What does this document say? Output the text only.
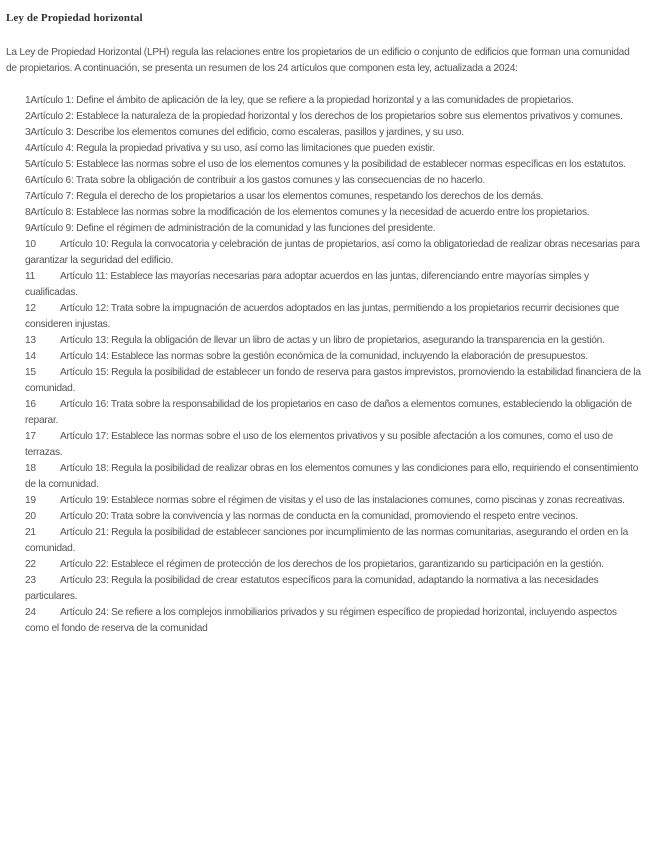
Ley de Propiedad horizontal

La Ley de Propiedad Horizontal (LPH) regula las relaciones entre los propietarios de un edificio o conjunto de edificios que forman una comunidad de propietarios. A continuación, se presenta un resumen de los 24 artículos que componen esta ley, actualizada a 2024:

1Artículo 1: Define el ámbito de aplicación de la ley, que se refiere a la propiedad horizontal y a las comunidades de propietarios.
2Artículo 2: Establece la naturaleza de la propiedad horizontal y los derechos de los propietarios sobre sus elementos privativos y comunes.
3Artículo 3: Describe los elementos comunes del edificio, como escaleras, pasillos y jardines, y su uso.
4Artículo 4: Regula la propiedad privativa y su uso, así como las limitaciones que pueden existir.
5Artículo 5: Establece las normas sobre el uso de los elementos comunes y la posibilidad de establecer normas específicas en los estatutos.
6Artículo 6: Trata sobre la obligación de contribuir a los gastos comunes y las consecuencias de no hacerlo.
7Artículo 7: Regula el derecho de los propietarios a usar los elementos comunes, respetando los derechos de los demás.
8Artículo 8: Establece las normas sobre la modificación de los elementos comunes y la necesidad de acuerdo entre los propietarios.
9Artículo 9: Define el régimen de administración de la comunidad y las funciones del presidente.
10 Artículo 10: Regula la convocatoria y celebración de juntas de propietarios, así como la obligatoriedad de realizar obras necesarias para garantizar la seguridad del edificio.
11 Artículo 11: Establece las mayorías necesarias para adoptar acuerdos en las juntas, diferenciando entre mayorías simples y cualificadas.
12 Artículo 12: Trata sobre la impugnación de acuerdos adoptados en las juntas, permitiendo a los propietarios recurrir decisiones que consideren injustas.
13 Artículo 13: Regula la obligación de llevar un libro de actas y un libro de propietarios, asegurando la transparencia en la gestión.
14 Artículo 14: Establece las normas sobre la gestión económica de la comunidad, incluyendo la elaboración de presupuestos.
15 Artículo 15: Regula la posibilidad de establecer un fondo de reserva para gastos imprevistos, promoviendo la estabilidad financiera de la comunidad.
16 Artículo 16: Trata sobre la responsabilidad de los propietarios en caso de daños a elementos comunes, estableciendo la obligación de reparar.
17 Artículo 17: Establece las normas sobre el uso de los elementos privativos y su posible afectación a los comunes, como el uso de terrazas.
18 Artículo 18: Regula la posibilidad de realizar obras en los elementos comunes y las condiciones para ello, requiriendo el consentimiento de la comunidad.
19 Artículo 19: Establece normas sobre el régimen de visitas y el uso de las instalaciones comunes, como piscinas y zonas recreativas.
20 Artículo 20: Trata sobre la convivencia y las normas de conducta en la comunidad, promoviendo el respeto entre vecinos.
21 Artículo 21: Regula la posibilidad de establecer sanciones por incumplimiento de las normas comunitarias, asegurando el orden en la comunidad.
22 Artículo 22: Establece el régimen de protección de los derechos de los propietarios, garantizando su participación en la gestión.
23 Artículo 23: Regula la posibilidad de crear estatutos específicos para la comunidad, adaptando la normativa a las necesidades particulares.
24 Artículo 24: Se refiere a los complejos inmobiliarios privados y su régimen específico de propiedad horizontal, incluyendo aspectos como el fondo de reserva de la comunidad
